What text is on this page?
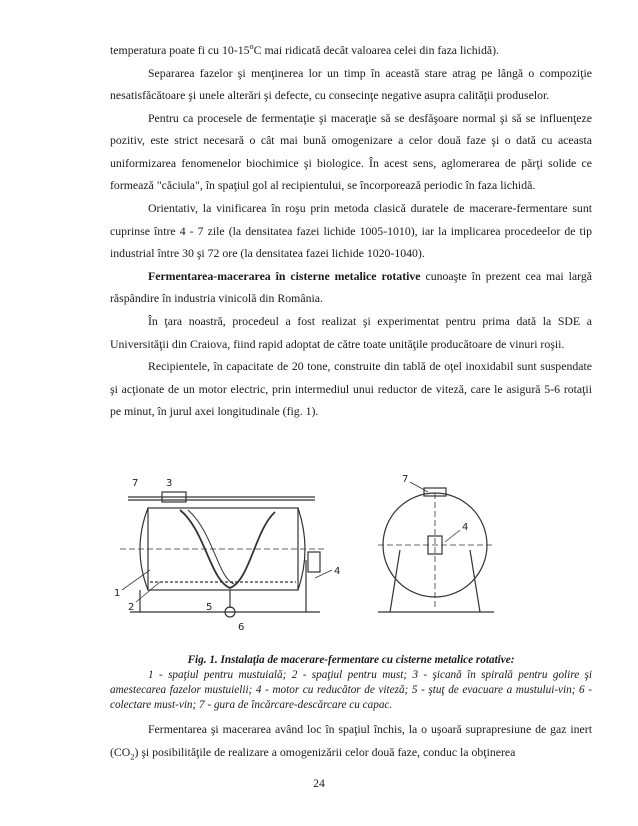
temperatura poate fi cu 10-15$^o$C mai ridicată decât valoarea celei din faza lichidă).

Separarea fazelor şi menţinerea lor un timp în această stare atrag pe lângă o compoziţie nesatisfăcătoare şi unele alterări şi defecte, cu consecinţe negative asupra calităţii produselor.

Pentru ca procesele de fermentaţie şi maceraţie să se desfăşoare normal şi să se influenţeze pozitiv, este strict necesară o cât mai bună omogenizare a celor două faze şi o dată cu aceasta uniformizarea fenomenelor biochimice şi biologice. În acest sens, aglomerarea de părţi solide ce formează "căciula", în spaţiul gol al recipientului, se încorporează periodic în faza lichidă.

Orientativ, la vinificarea în roşu prin metoda clasică duratele de macerare-fermentare sunt cuprinse între 4 - 7 zile (la densitatea fazei lichide 1005-1010), iar la implicarea procedeelor de tip industrial între 30 şi 72 ore (la densitatea fazei lichide 1020-1040).

Fermentarea-macerarea în cisterne metalice rotative cunoaşte în prezent cea mai largă răspândire în industria vinicolă din România.

În ţara noastră, procedeul a fost realizat şi experimentat pentru prima dată la SDE a Universităţii din Craiova, fiind rapid adoptat de către toate unităţile producătoare de vinuri roşii.

Recipientele, în capacitate de 20 tone, construite din tablă de oţel inoxidabil sunt suspendate şi acţionate de un motor electric, prin intermediul unui reductor de viteză, care le asigură 5-6 rotaţii pe minut, în jurul axei longitudinale (fig. 1).

7	3
1
2
4
5
6
7
4
Fig. 1. Instalaţia de macerare-fermentare cu cisterne metalice rotative:
1 - spaţiul pentru mustuială; 2 - spaţiul pentru must; 3 - şicană în spirală pentru golire şi amestecarea fazelor mustuielii; 4 - motor cu reducător de viteză; 5 - ştuţ de evacuare a mustului-vin; 6 - colectare must-vin; 7 - gura de încărcare-descărcare cu capac.

Fermentarea şi macerarea având loc în spaţiul închis, la o uşoară suprapresiune de gaz inert $(CO_2)$ şi posibilităţile de realizare a omogenizării celor două faze, conduc la obţinerea

24
